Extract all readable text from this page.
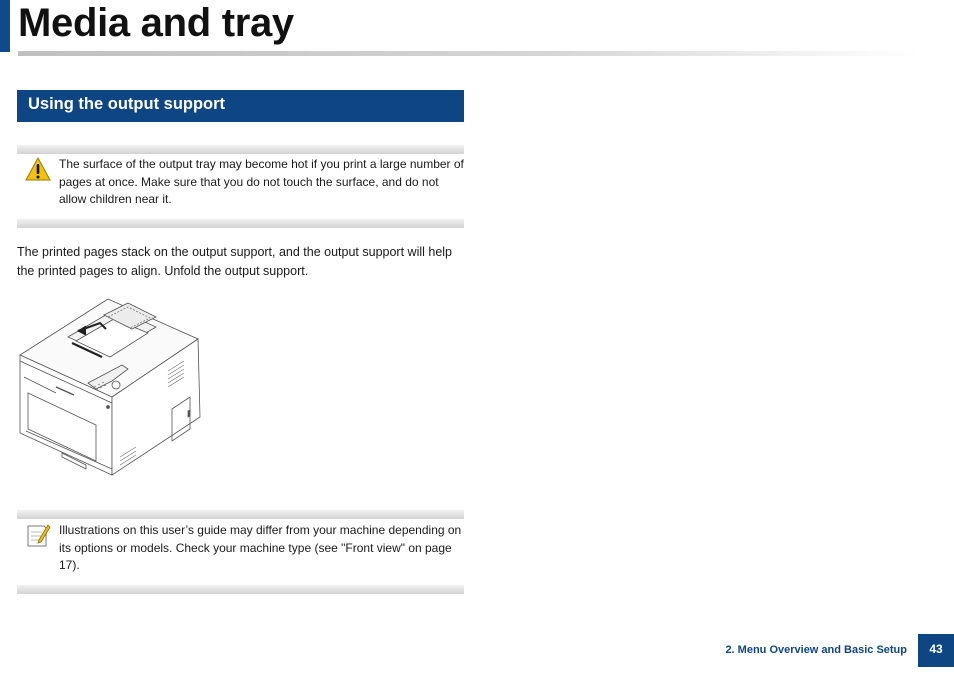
Media and tray
Using the output support
The surface of the output tray may become hot if you print a large number of pages at once. Make sure that you do not touch the surface, and do not allow children near it.
The printed pages stack on the output support, and the output support will help the printed pages to align. Unfold the output support.
Illustrations on this user’s guide may differ from your machine depending on its options or models. Check your machine type (see "Front view" on page 17).
2. Menu Overview and Basic Setup	43
